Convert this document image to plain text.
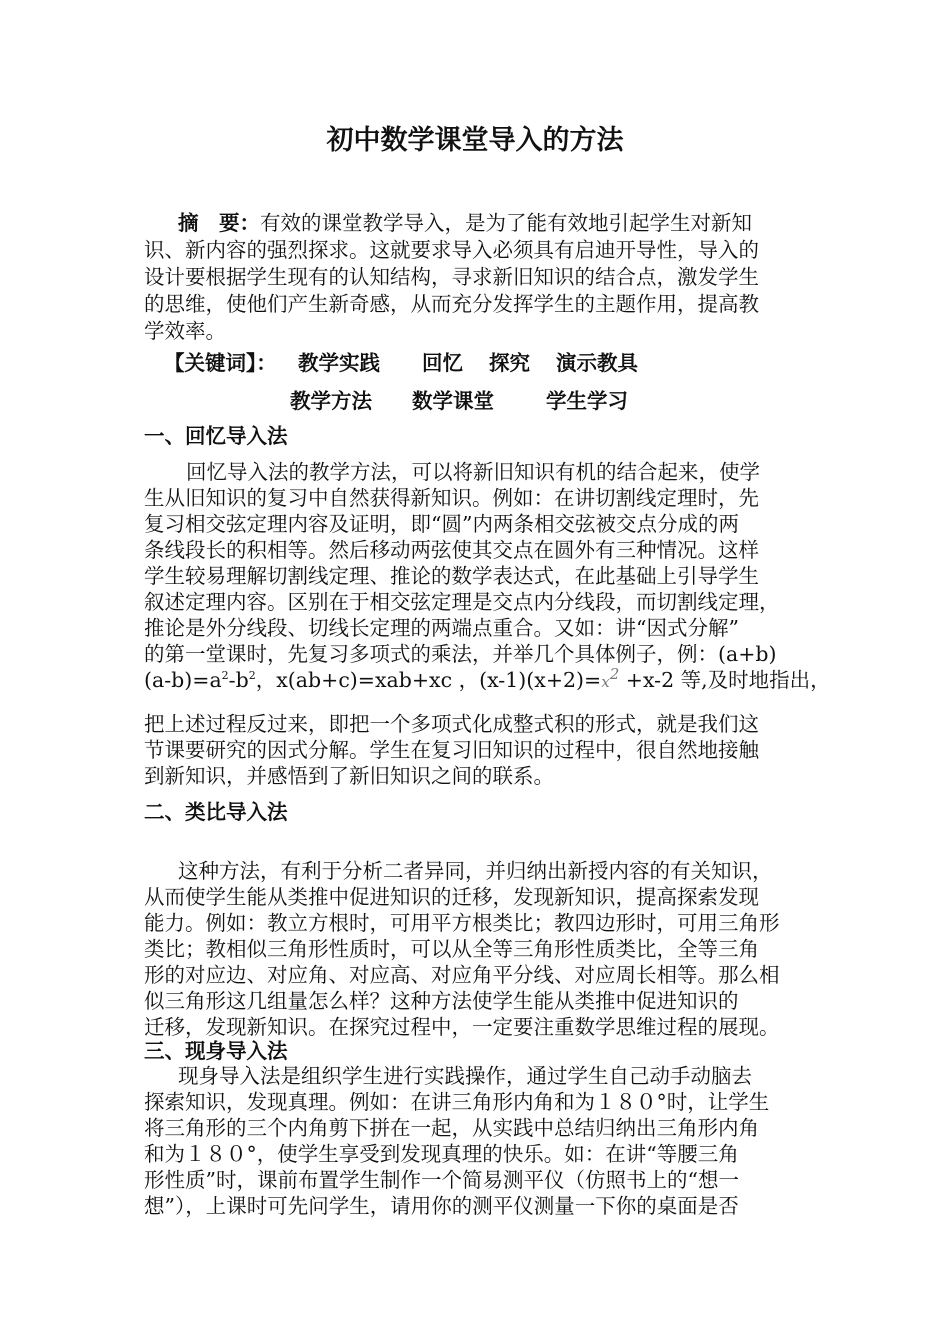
初中数学课堂导入的方法
摘　要：有效的课堂教学导入，是为了能有效地引起学生对新知
识、新内容的强烈探求。这就要求导入必须具有启迪开导性，导入的
设计要根据学生现有的认知结构，寻求新旧知识的结合点，激发学生
的思维，使他们产生新奇感，从而充分发挥学生的主题作用，提高教
学效率。
【关键词】： 教学实践 回忆 探究 演示教具
教学方法 数学课堂	学生学习
一、回忆导入法
回忆导入法的教学方法，可以将新旧知识有机的结合起来，使学
生从旧知识的复习中自然获得新知识。例如：在讲切割线定理时，先
复习相交弦定理内容及证明，即“圆”内两条相交弦被交点分成的两
条线段长的积相等。然后移动两弦使其交点在圆外有三种情况。这样
学生较易理解切割线定理、推论的数学表达式，在此基础上引导学生
叙述定理内容。区别在于相交弦定理是交点内分线段，而切割线定理，
推论是外分线段、切线长定理的两端点重合。又如：讲“因式分解”
的第一堂课时，先复习多项式的乘法，并举几个具体例子，例：(a+b)
$(a-b)=a^2-b^2$，x(ab+c)=xab+xc ，$(x-1)(x+2)=x^2 +x-2$ 等,及时地指出，
把上述过程反过来，即把一个多项式化成整式积的形式，就是我们这
节课要研究的因式分解。学生在复习旧知识的过程中，很自然地接触
到新知识，并感悟到了新旧知识之间的联系。
二、类比导入法
这种方法，有利于分析二者异同，并归纳出新授内容的有关知识，
从而使学生能从类推中促进知识的迁移，发现新知识，提高探索发现
能力。例如：教立方根时，可用平方根类比；教四边形时，可用三角形
类比；教相似三角形性质时，可以从全等三角形性质类比，全等三角
形的对应边、对应角、对应高、对应角平分线、对应周长相等。那么相
似三角形这几组量怎么样？这种方法使学生能从类推中促进知识的
迁移，发现新知识。在探究过程中，一定要注重数学思维过程的展现。
三、现身导入法
现身导入法是组织学生进行实践操作，通过学生自己动手动脑去
探索知识，发现真理。例如：在讲三角形内角和为１８０°时，让学生
将三角形的三个内角剪下拼在一起，从实践中总结归纳出三角形内角
和为１８０°，使学生享受到发现真理的快乐。如：在讲“等腰三角
形性质”时，课前布置学生制作一个简易测平仪（仿照书上的“想一
想”），上课时可先问学生，请用你的测平仪测量一下你的桌面是否
